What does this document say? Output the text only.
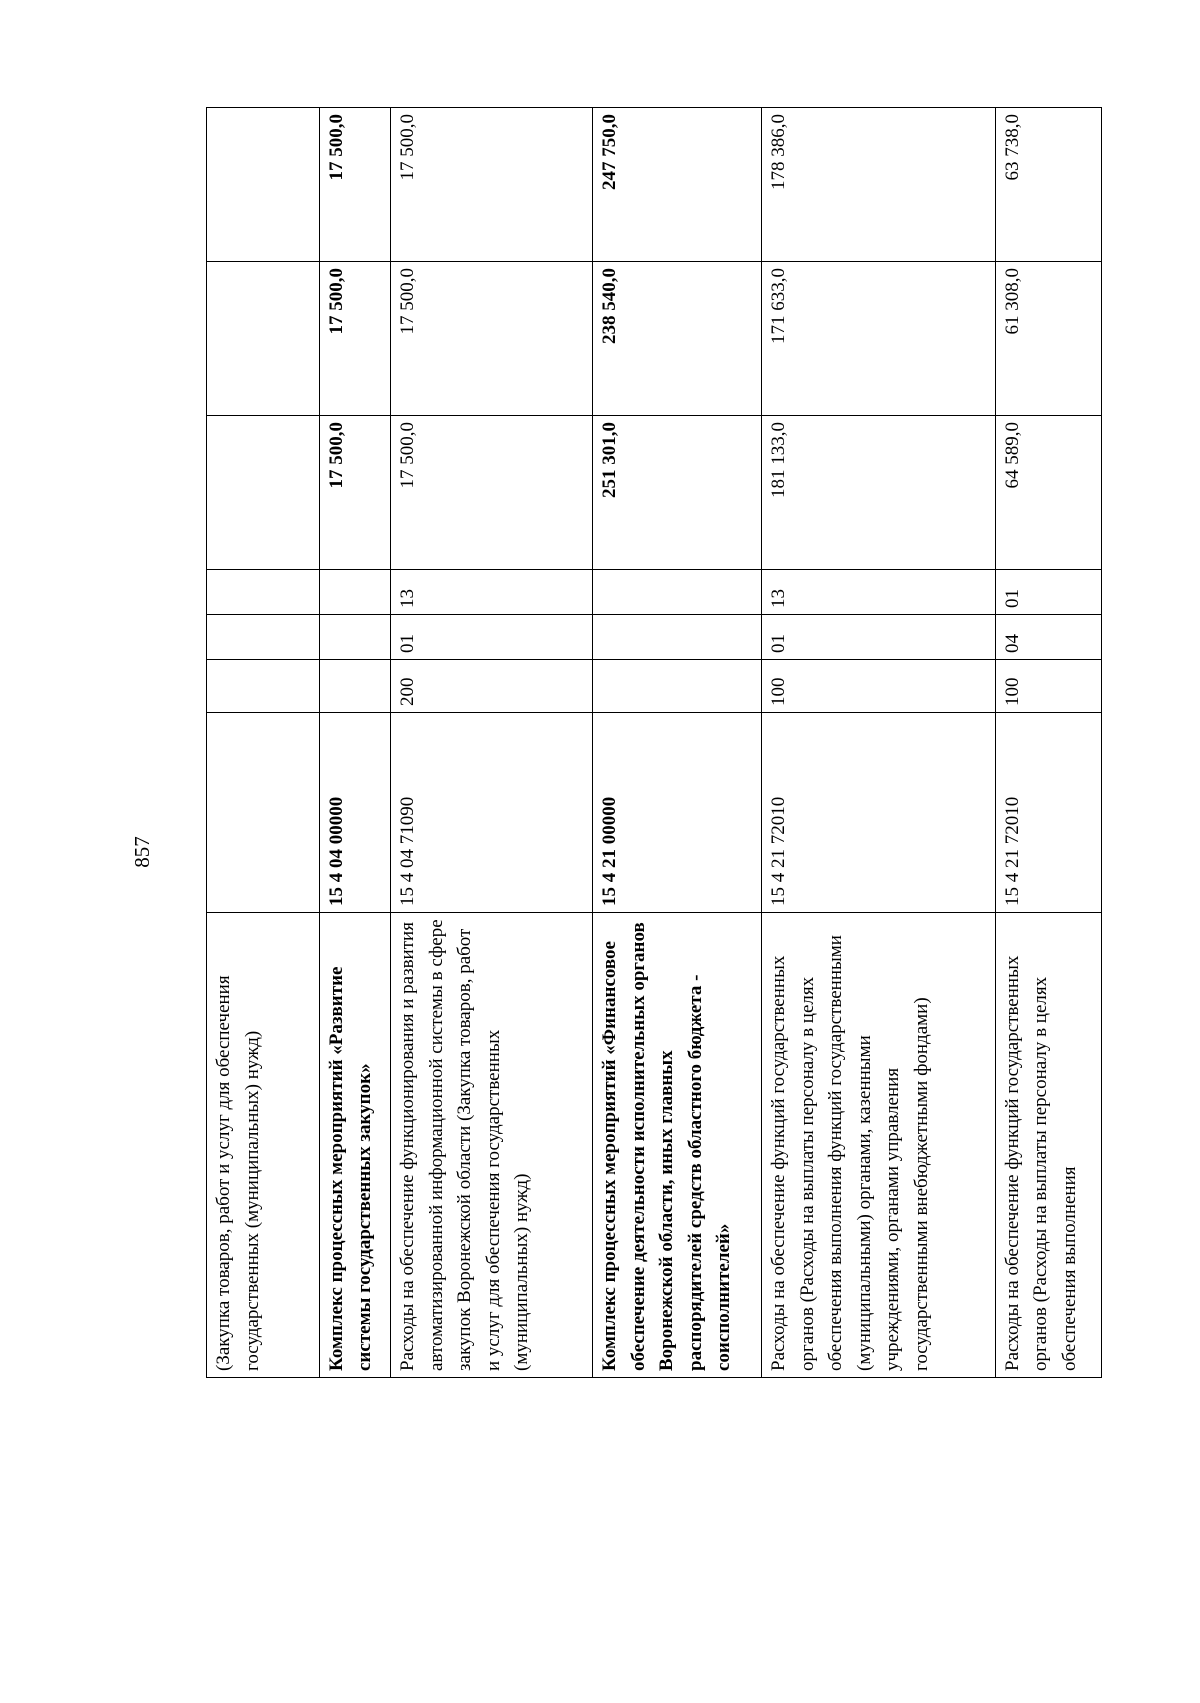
857
(Закупка товаров, работ и услуг для обеспечения государственных (муниципальных) нужд)							
Комплекс процессных мероприятий «Развитие системы государственных закупок»	15 4 04 00000				17 500,0	17 500,0	17 500,0
Расходы на обеспечение функционирования и развития автоматизированной информационной системы в сфере закупок Воронежской области (Закупка товаров, работ и услуг для обеспечения государственных (муниципальных) нужд)	15 4 04 71090	200	01	13	17 500,0	17 500,0	17 500,0
Комплекс процессных мероприятий «Финансовое обеспечение деятельности исполнительных органов Воронежской области, иных главных распорядителей средств областного бюджета - соисполнителей»	15 4 21 00000				251 301,0	238 540,0	247 750,0
Расходы на обеспечение функций государственных органов (Расходы на выплаты персоналу в целях обеспечения выполнения функций государственными (муниципальными) органами, казенными учреждениями, органами управления государственными внебюджетными фондами)	15 4 21 72010	100	01	13	181 133,0	171 633,0	178 386,0
Расходы на обеспечение функций государственных органов (Расходы на выплаты персоналу в целях обеспечения выполнения	15 4 21 72010	100	04	01	64 589,0	61 308,0	63 738,0
